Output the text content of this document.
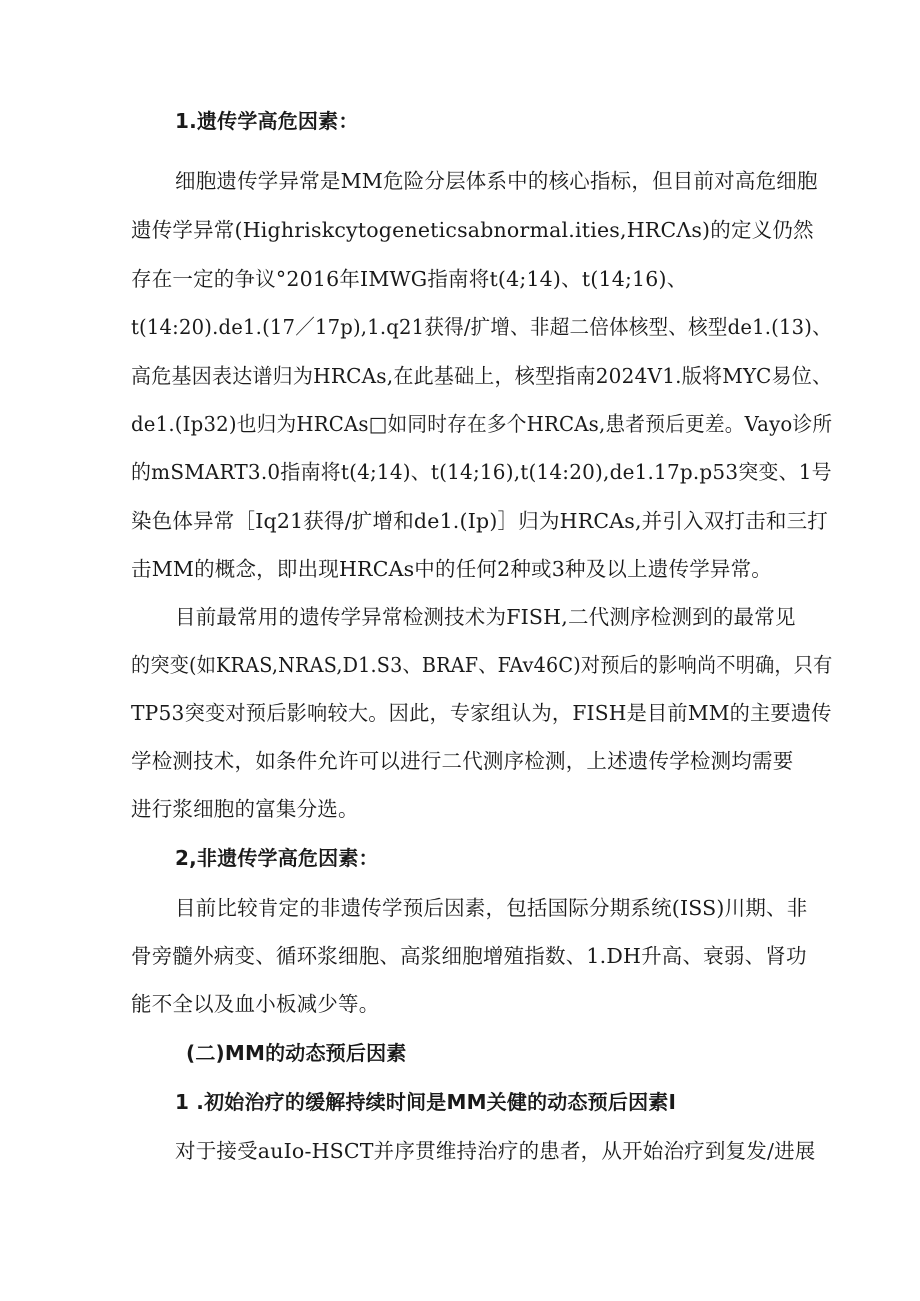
1.遗传学高危因素：
细胞遗传学异常是MM危险分层体系中的核心指标，但目前对高危细胞
遗传学异常(Highriskcytogeneticsabnormal.ities,HRCΛs)的定义仍然
存在一定的争议°2016年IMWG指南将t(4;14)、t(14;16)、
t(14:20).de1.(17／17p),1.q21获得/扩增、非超二倍体核型、核型de1.(13)、
高危基因表达谱归为HRCAs,在此基础上，核型指南2024V1.版将MYC易位、
de1.(Ip32)也归为HRCAs□如同时存在多个HRCAs,患者预后更差。Vayo诊所
的mSMART3.0指南将t(4;14)、t(14;16),t(14:20),de1.17p.p53突变、1号
染色体异常［Iq21获得/扩增和de1.(Ip)］归为HRCAs,并引入双打击和三打
击MM的概念，即出现HRCAs中的任何2种或3种及以上遗传学异常。
目前最常用的遗传学异常检测技术为FISH,二代测序检测到的最常见
的突变(如KRAS,NRAS,D1.S3、BRAF、FAv46C)对预后的影响尚不明确，只有
TP53突变对预后影响较大。因此，专家组认为，FISH是目前MM的主要遗传
学检测技术，如条件允许可以进行二代测序检测，上述遗传学检测均需要
进行浆细胞的富集分选。
2,非遗传学高危因素：
目前比较肯定的非遗传学预后因素，包括国际分期系统(ISS)川期、非
骨旁髓外病变、循环浆细胞、高浆细胞增殖指数、1.DH升高、衰弱、肾功
能不全以及血小板减少等。
(二)MM的动态预后因素
1 .初始治疗的缓解持续时间是MM关健的动态预后因素I
对于接受auIo-HSCT并序贯维持治疗的患者，从开始治疗到复发/进展
